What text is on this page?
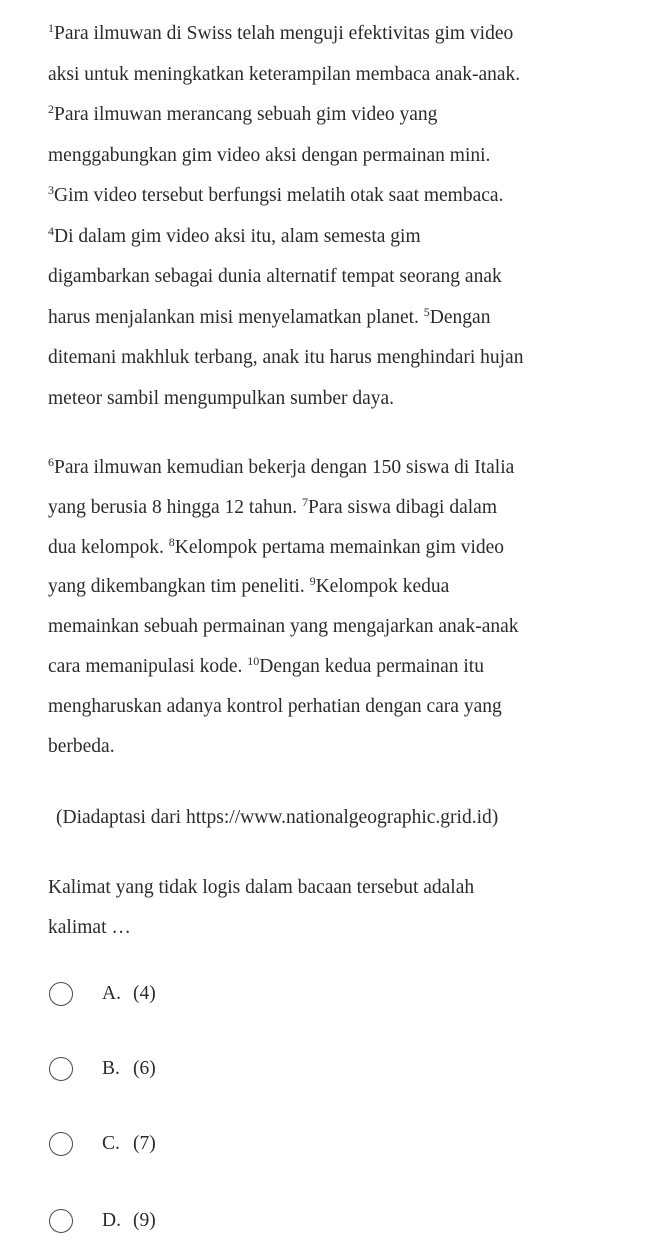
$^1$Para ilmuwan di Swiss telah menguji efektivitas gim video
aksi untuk meningkatkan keterampilan membaca anak-anak.
$^2$Para ilmuwan merancang sebuah gim video yang
menggabungkan gim video aksi dengan permainan mini.
$^3$Gim video tersebut berfungsi melatih otak saat membaca.
$^4$Di dalam gim video aksi itu, alam semesta gim
digambarkan sebagai dunia alternatif tempat seorang anak
harus menjalankan misi menyelamatkan planet. $^5$Dengan
ditemani makhluk terbang, anak itu harus menghindari hujan
meteor sambil mengumpulkan sumber daya.
$^6$Para ilmuwan kemudian bekerja dengan 150 siswa di Italia
yang berusia 8 hingga 12 tahun. $^7$Para siswa dibagi dalam
dua kelompok. $^8$Kelompok pertama memainkan gim video
yang dikembangkan tim peneliti. $^9$Kelompok kedua
memainkan sebuah permainan yang mengajarkan anak-anak
cara memanipulasi kode. $^{10}$Dengan kedua permainan itu
mengharuskan adanya kontrol perhatian dengan cara yang
berbeda.
(Diadaptasi dari https://www.nationalgeographic.grid.id)
Kalimat yang tidak logis dalam bacaan tersebut adalah
kalimat …
A. (4)
B. (6)
C. (7)
D. (9)
